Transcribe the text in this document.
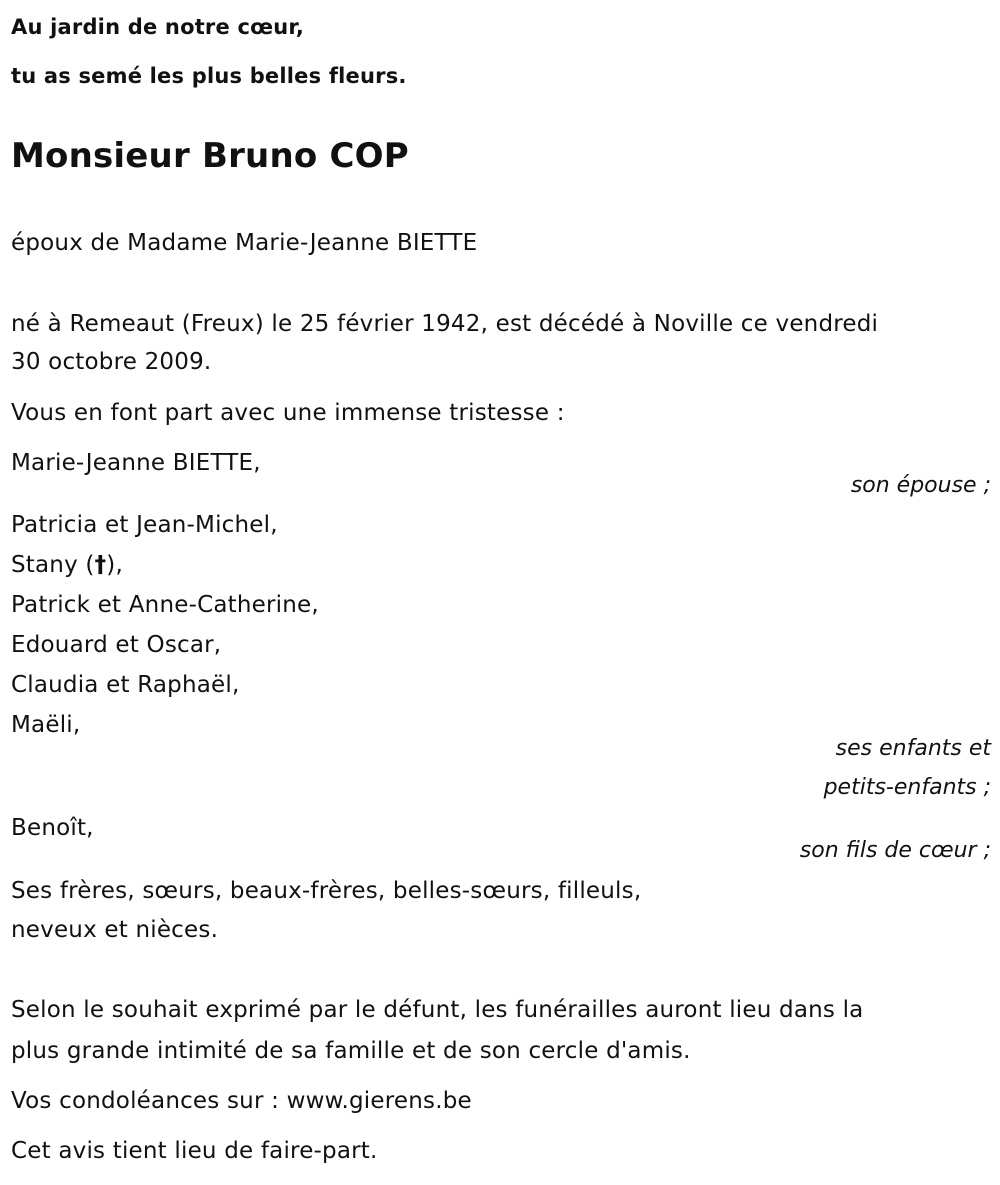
Au jardin de notre cœur,
tu as semé les plus belles fleurs.
Monsieur Bruno COP
époux de Madame Marie-Jeanne BIETTE
né à Remeaut (Freux) le 25 février 1942, est décédé à Noville ce vendredi
30 octobre 2009.
Vous en font part avec une immense tristesse :
Marie-Jeanne BIETTE,
son épouse ;
Patricia et Jean-Michel,
Stany (†),
Patrick et Anne-Catherine,
Edouard et Oscar,
Claudia et Raphaël,
Maëli,
ses enfants et
petits-enfants ;
Benoît,
son fils de cœur ;
Ses frères, sœurs, beaux-frères, belles-sœurs, filleuls,
neveux et nièces.
Selon le souhait exprimé par le défunt, les funérailles auront lieu dans la
plus grande intimité de sa famille et de son cercle d'amis.
Vos condoléances sur : www.gierens.be
Cet avis tient lieu de faire-part.
